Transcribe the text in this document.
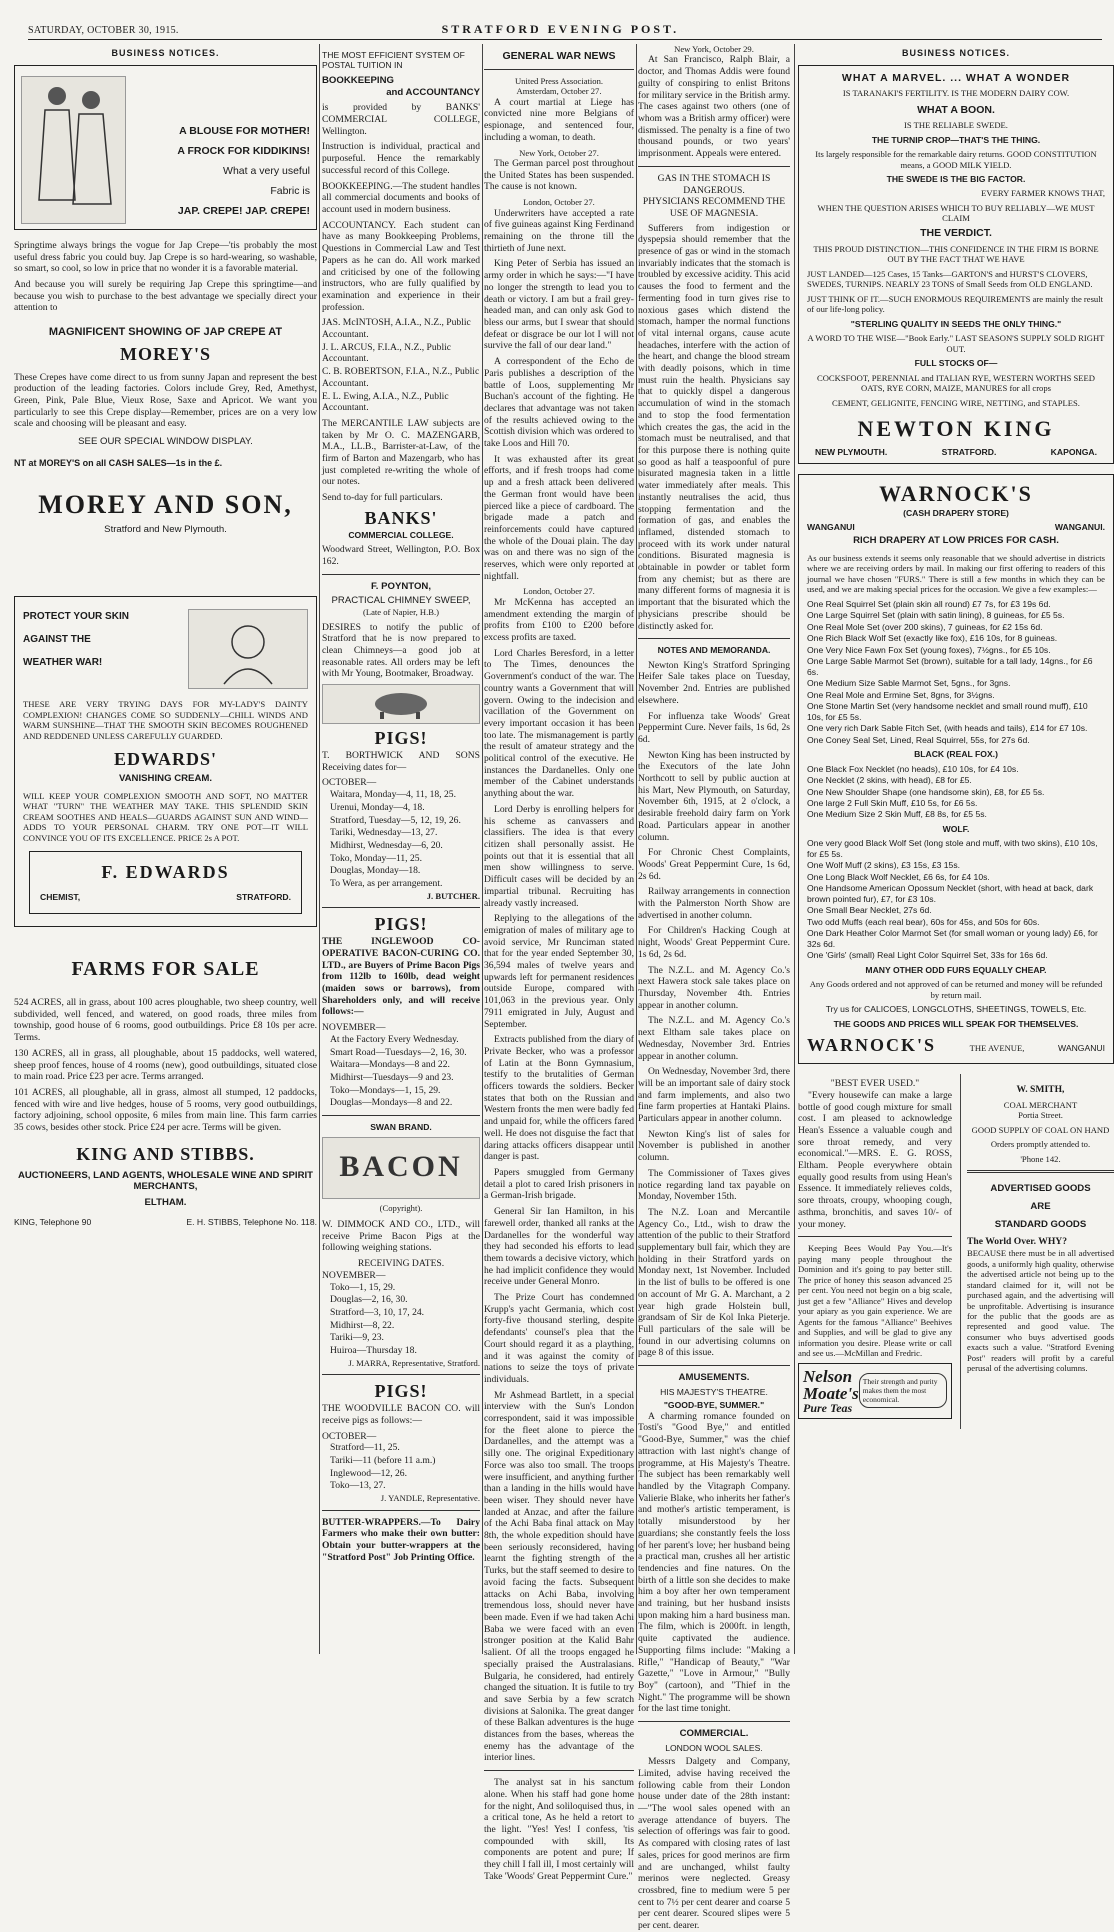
SATURDAY, OCTOBER 30, 1915.	STRATFORD EVENING POST.
BUSINESS NOTICES.
A BLOUSE FOR MOTHER!
A FROCK FOR KIDDIKINS!
What a very useful
Fabric is
JAP. CREPE! JAP. CREPE!

Springtime always brings the vogue for Jap Crepe—'tis probably the most useful dress fabric you could buy. Jap Crepe is so hard-wearing, so washable, so smart, so cool, so low in price that no wonder it is a favorable material.

And because you will surely be requiring Jap Crepe this springtime—and because you wish to purchase to the best advantage we specially direct your attention to

MAGNIFICENT SHOWING OF JAP CREPE AT
MOREY'S

These Crepes have come direct to us from sunny Japan and represent the best production of the leading factories. Colors include Grey, Red, Amethyst, Green, Pink, Pale Blue, Vieux Rose, Saxe and Apricot. We want you particularly to see this Crepe display—Remember, prices are on a very low scale and choosing will be pleasant and easy.

SEE OUR SPECIAL WINDOW DISPLAY.
NT at MOREY'S on all CASH SALES—1s in the £.
MOREY AND SON,
Stratford and New Plymouth.
PROTECT YOUR SKIN
AGAINST THE
WEATHER WAR!

THESE ARE VERY TRYING DAYS FOR MY-LADY'S DAINTY COMPLEXION! CHANGES COME SO SUDDENLY—CHILL WINDS AND WARM SUNSHINE—THAT THE SMOOTH SKIN BECOMES ROUGHENED AND REDDENED UNLESS CAREFULLY GUARDED.

EDWARDS'
VANISHING CREAM.

WILL KEEP YOUR COMPLEXION SMOOTH AND SOFT, NO MATTER WHAT "TURN" THE WEATHER MAY TAKE. THIS SPLENDID SKIN CREAM SOOTHES AND HEALS—GUARDS AGAINST SUN AND WIND—ADDS TO YOUR PERSONAL CHARM. TRY ONE POT—IT WILL CONVINCE YOU OF ITS EXCELLENCE. PRICE 2s A POT.

F. EDWARDS
CHEMIST,	STRATFORD.
FARMS FOR SALE

524 ACRES, all in grass, about 100 acres ploughable, two sheep country, well subdivided, well fenced, and watered, on good roads, three miles from township, good house of 6 rooms, good outbuildings. Price £8 10s per acre. Terms.

130 ACRES, all in grass, all ploughable, about 15 paddocks, well watered, sheep proof fences, house of 4 rooms (new), good outbuildings, situated close to main road. Price £23 per acre. Terms arranged.

101 ACRES, all ploughable, all in grass, almost all stumped, 12 paddocks, fenced with wire and live hedges, house of 5 rooms, very good outbuildings, factory adjoining, school opposite, 6 miles from main line. This farm carries 35 cows, besides other stock. Price £24 per acre. Terms will be given.

KING AND STIBBS.
AUCTIONEERS, LAND AGENTS, WHOLESALE WINE AND SPIRIT MERCHANTS,
ELTHAM.
KING, Telephone 90	E. H. STIBBS, Telephone No. 118.
THE MOST EFFICIENT SYSTEM OF POSTAL TUITION IN
BOOKKEEPING
and ACCOUNTANCY

is provided by BANKS' COMMERCIAL COLLEGE, Wellington.

Instruction is individual, practical and purposeful. Hence the remarkably successful record of this College.

BOOKKEEPING.—The student handles all commercial documents and books of account used in modern business.

ACCOUNTANCY. Each student can have as many Bookkeeping Problems, Questions in Commercial Law and Test Papers as he can do. All work marked and criticised by one of the following instructors, who are fully qualified by examination and experience in their profession.

JAS. McINTOSH, A.I.A., N.Z., Public Accountant.

J. L. ARCUS, F.I.A., N.Z., Public Accountant.

C. B. ROBERTSON, F.I.A., N.Z., Public Accountant.

E. L. Ewing, A.I.A., N.Z., Public Accountant.

The MERCANTILE LAW subjects are taken by Mr O. C. MAZENGARB, M.A., LL.B., Barrister-at-Law, of the firm of Barton and Mazengarb, who has just completed re-writing the whole of our notes.

Send to-day for full particulars.

BANKS'
COMMERCIAL COLLEGE.

Woodward Street, Wellington, P.O. Box 162.

F. POYNTON,
PRACTICAL CHIMNEY SWEEP,
(Late of Napier, H.B.)

DESIRES to notify the public of Stratford that he is now prepared to clean Chimneys—a good job at reasonable rates. All orders may be left with Mr Young, Bootmaker, Broadway.

PIGS!

T. BORTHWICK AND SONS Receiving dates for—

OCTOBER—

Waitara, Monday—4, 11, 18, 25.

Urenui, Monday—4, 18.

Stratford, Tuesday—5, 12, 19, 26.

Tariki, Wednesday—13, 27.

Midhirst, Wednesday—6, 20.

Toko, Monday—11, 25.

Douglas, Monday—18.

To Wera, as per arrangement.

J. BUTCHER.
PIGS!

THE INGLEWOOD CO-OPERATIVE BACON-CURING CO. LTD., are Buyers of Prime Bacon Pigs from 112lb to 160lb, dead weight (maiden sows or barrows), from Shareholders only, and will receive follows:—

NOVEMBER—

At the Factory Every Wednesday.

Smart Road—Tuesdays—2, 16, 30.

Waitara—Mondays—8 and 22.

Midhirst—Tuesdays—9 and 23.

Toko—Mondays—1, 15, 29.

Douglas—Mondays—8 and 22.

SWAN BRAND.
BACON
(Copyright).

W. DIMMOCK AND CO., LTD., will receive Prime Bacon Pigs at the following weighing stations.

RECEIVING DATES.
NOVEMBER—

Toko—1, 15, 29.

Douglas—2, 16, 30.

Stratford—3, 10, 17, 24.

Midhirst—8, 22.

Tariki—9, 23.

Huiroa—Thursday 18.

J. MARRA, Representative, Stratford.
PIGS!

THE WOODVILLE BACON CO. will receive pigs as follows:—

OCTOBER—

Stratford—11, 25.

Tariki—11 (before 11 a.m.)

Inglewood—12, 26.

Toko—13, 27.

J. YANDLE, Representative.

BUTTER-WRAPPERS.—To Dairy Farmers who make their own butter: Obtain your butter-wrappers at the "Stratford Post" Job Printing Office.

GENERAL WAR NEWS
United Press Association.
Amsterdam, October 27.

A court martial at Liege has convicted nine more Belgians of espionage, and sentenced four, including a woman, to death.

New York, October 27.

The German parcel post throughout the United States has been suspended. The cause is not known.

London, October 27.

Underwriters have accepted a rate of five guineas against King Ferdinand remaining on the throne till the thirtieth of June next.

King Peter of Serbia has issued an army order in which he says:—"I have no longer the strength to lead you to death or victory. I am but a frail grey-headed man, and can only ask God to bless our arms, but I swear that should defeat or disgrace be our lot I will not survive the fall of our dear land."

A correspondent of the Echo de Paris publishes a description of the battle of Loos, supplementing Mr Buchan's account of the fighting. He declares that advantage was not taken of the results achieved owing to the Scottish division which was ordered to take Loos and Hill 70.

It was exhausted after its great efforts, and if fresh troops had come up and a fresh attack been delivered the German front would have been pierced like a piece of cardboard. The brigade made a patch and reinforcements could have captured the whole of the Douai plain. The day was on and there was no sign of the reserves, which were only reported at nightfall.

London, October 27.

Mr McKenna has accepted an amendment extending the margin of profits from £100 to £200 before excess profits are taxed.

Lord Charles Beresford, in a letter to The Times, denounces the Government's conduct of the war. The country wants a Government that will govern. Owing to the indecision and vacillation of the Government on every important occasion it has been too late. The mismanagement is partly the result of amateur strategy and the political control of the executive. He instances the Dardanelles. Only one member of the Cabinet understands anything about the war.

Lord Derby is enrolling helpers for his scheme as canvassers and classifiers. The idea is that every citizen shall personally assist. He points out that it is essential that all men show willingness to serve. Difficult cases will be decided by an impartial tribunal. Recruiting has already vastly increased.

Replying to the allegations of the emigration of males of military age to avoid service, Mr Runciman stated that for the year ended September 30, 36,594 males of twelve years and upwards left for permanent residences outside Europe, compared with 101,063 in the previous year. Only 7911 emigrated in July, August and September.

Extracts published from the diary of Private Becker, who was a professor of Latin at the Bonn Gymnasium, testify to the brutalities of German officers towards the soldiers. Becker states that both on the Russian and Western fronts the men were badly fed and unpaid for, while the officers fared well. He does not disguise the fact that daring attacks officers disappear until danger is past.

Papers smuggled from Germany detail a plot to cared Irish prisoners in a German-Irish brigade.

General Sir Ian Hamilton, in his farewell order, thanked all ranks at the Dardanelles for the wonderful way they had seconded his efforts to lead them towards a decisive victory, which he had implicit confidence they would receive under General Monro.

The Prize Court has condemned Krupp's yacht Germania, which cost forty-five thousand sterling, despite defendants' counsel's plea that the Court should regard it as a plaything, and it was against the comity of nations to seize the toys of private individuals.

Mr Ashmead Bartlett, in a special interview with the Sun's London correspondent, said it was impossible for the fleet alone to pierce the Dardanelles, and the attempt was a silly one. The original Expeditionary Force was also too small. The troops were insufficient, and anything further than a landing in the hills would have been wiser. They should never have landed at Anzac, and after the failure of the Achi Baba final attack on May 8th, the whole expedition should have been seriously reconsidered, having learnt the fighting strength of the Turks, but the staff seemed to desire to avoid facing the facts. Subsequent attacks on Achi Baba, involving tremendous loss, should never have been made. Even if we had taken Achi Baba we were faced with an even stronger position at the Kalid Bahr salient. Of all the troops engaged he specially praised the Australasians. Bulgaria, he considered, had entirely changed the situation. It is futile to try and save Serbia by a few scratch divisions at Salonika. The great danger of these Balkan adventures is the huge distances from the bases, whereas the enemy has the advantage of the interior lines.

The analyst sat in his sanctum alone. When his staff had gone home for the night, And soliloquised thus, in a critical tone, As he held a retort to the light. "Yes! Yes! I confess, 'tis compounded with skill, Its components are potent and pure; If they chill I fall ill, I most certainly will Take 'Woods' Great Peppermint Cure."

New York, October 29.

At San Francisco, Ralph Blair, a doctor, and Thomas Addis were found guilty of conspiring to enlist Britons for military service in the British army. The cases against two others (one of whom was a British army officer) were dismissed. The penalty is a fine of two thousand pounds, or two years' imprisonment. Appeals were entered.

GAS IN THE STOMACH IS DANGEROUS.
PHYSICIANS RECOMMEND THE USE OF MAGNESIA.

Sufferers from indigestion or dyspepsia should remember that the presence of gas or wind in the stomach invariably indicates that the stomach is troubled by excessive acidity. This acid causes the food to ferment and the fermenting food in turn gives rise to noxious gases which distend the stomach, hamper the normal functions of vital internal organs, cause acute headaches, interfere with the action of the heart, and change the blood stream with deadly poisons, which in time must ruin the health. Physicians say that to quickly dispel a dangerous accumulation of wind in the stomach and to stop the food fermentation which creates the gas, the acid in the stomach must be neutralised, and that for this purpose there is nothing quite so good as half a teaspoonful of pure bisurated magnesia taken in a little water immediately after meals. This instantly neutralises the acid, thus stopping fermentation and the formation of gas, and enables the inflamed, distended stomach to proceed with its work under natural conditions. Bisurated magnesia is obtainable in powder or tablet form from any chemist; but as there are many different forms of magnesia it is important that the bisurated which the physicians prescribe should be distinctly asked for.

NOTES AND MEMORANDA.

Newton King's Stratford Springing Heifer Sale takes place on Tuesday, November 2nd. Entries are published elsewhere.

For influenza take Woods' Great Peppermint Cure. Never fails, 1s 6d, 2s 6d.

Newton King has been instructed by the Executors of the late John Northcott to sell by public auction at his Mart, New Plymouth, on Saturday, November 6th, 1915, at 2 o'clock, a desirable freehold dairy farm on York Road. Particulars appear in another column.

For Chronic Chest Complaints, Woods' Great Peppermint Cure, 1s 6d, 2s 6d.

Railway arrangements in connection with the Palmerston North Show are advertised in another column.

For Children's Hacking Cough at night, Woods' Great Peppermint Cure. 1s 6d, 2s 6d.

The N.Z.L. and M. Agency Co.'s next Hawera stock sale takes place on Thursday, November 4th. Entries appear in another column.

The N.Z.L. and M. Agency Co.'s next Eltham sale takes place on Wednesday, November 3rd. Entries appear in another column.

On Wednesday, November 3rd, there will be an important sale of dairy stock and farm implements, and also two fine farm properties at Hantaki Plains. Particulars appear in another column.

Newton King's list of sales for November is published in another column.

The Commissioner of Taxes gives notice regarding land tax payable on Monday, November 15th.

The N.Z. Loan and Mercantile Agency Co., Ltd., wish to draw the attention of the public to their Stratford supplementary bull fair, which they are holding in their Stratford yards on Monday next, 1st November. Included in the list of bulls to be offered is one on account of Mr G. A. Marchant, a 2 year high grade Holstein bull, grandsam of Sir de Kol Inka Pieterje. Full particulars of the sale will be found in our advertising columns on page 8 of this issue.

AMUSEMENTS.
HIS MAJESTY'S THEATRE.
"GOOD-BYE, SUMMER."

A charming romance founded on Tosti's "Good Bye," and entitled "Good-Bye, Summer," was the chief attraction with last night's change of programme, at His Majesty's Theatre. The subject has been remarkably well handled by the Vitagraph Company. Valierie Blake, who inherits her father's and mother's artistic temperament, is totally misunderstood by her guardians; she constantly feels the loss of her parent's love; her husband being a practical man, crushes all her artistic tendencies and fine natures. On the birth of a little son she decides to make him a boy after her own temperament and training, but her husband insists upon making him a hard business man. The film, which is 2000ft. in length, quite captivated the audience. Supporting films include: "Making a Rifle," "Handicap of Beauty," "War Gazette," "Love in Armour," "Bully Boy" (cartoon), and "Thief in the Night." The programme will be shown for the last time tonight.

COMMERCIAL.
LONDON WOOL SALES.

Messrs Dalgety and Company, Limited, advise having received the following cable from their London house under date of the 28th instant:—"The wool sales opened with an average attendance of buyers. The selection of offerings was fair to good. As compared with closing rates of last sales, prices for good merinos are firm and are unchanged, whilst faulty merinos were neglected. Greasy crossbred, fine to medium were 5 per cent to 7½ per cent dearer and coarse 5 per cent dearer. Scoured slipes were 5 per cent. dearer.

BUSINESS NOTICES.
WHAT A MARVEL. ... WHAT A WONDER
IS TARANAKI'S FERTILITY. IS THE MODERN DAIRY COW.
WHAT A BOON.
IS THE RELIABLE SWEDE.
THE TURNIP CROP—THAT'S THE THING.
Its largely responsible for the remarkable dairy returns. GOOD CONSTITUTION means, a GOOD MILK YIELD.
THE SWEDE IS THE BIG FACTOR.
EVERY FARMER KNOWS THAT,
WHEN THE QUESTION ARISES WHICH TO BUY RELIABLY—WE MUST CLAIM
THE VERDICT.
THIS PROUD DISTINCTION—THIS CONFIDENCE IN THE FIRM IS BORNE OUT BY THE FACT THAT WE HAVE
JUST LANDED—125 Cases, 15 Tanks—GARTON'S and HURST'S CLOVERS, SWEDES, TURNIPS. NEARLY 23 TONS of Small Seeds from OLD ENGLAND.
JUST THINK OF IT.—SUCH ENORMOUS REQUIREMENTS are mainly the result of our life-long policy.
"STERLING QUALITY IN SEEDS THE ONLY THING."
A WORD TO THE WISE—"Book Early." LAST SEASON'S SUPPLY SOLD RIGHT OUT.
FULL STOCKS OF—
COCKSFOOT, PERENNIAL and ITALIAN RYE, WESTERN WORTHS SEED OATS, RYE CORN, MAIZE, MANURES for all crops
CEMENT, GELIGNITE, FENCING WIRE, NETTING, and STAPLES.
NEWTON KING
NEW PLYMOUTH.	STRATFORD.	KAPONGA.
WARNOCK'S
(CASH DRAPERY STORE)
WANGANUI	WANGANUI.
RICH DRAPERY AT LOW PRICES FOR CASH.

As our business extends it seems only reasonable that we should advertise in districts where we are receiving orders by mail. In making our first offering to readers of this journal we have chosen "FURS." There is still a few months in which they can be used, and we are making special prices for the occasion. We give a few examples:—

One Real Squirrel Set (plain skin all round) £7 7s, for £3 19s 6d.

One Large Squirrel Set (plain with satin lining), 8 guineas, for £5 5s.

One Real Mole Set (over 200 skins), 7 guineas, for £2 15s 6d.

One Rich Black Wolf Set (exactly like fox), £16 10s, for 8 guineas.

One Very Nice Fawn Fox Set (young foxes), 7½gns., for £5 10s.

One Large Sable Marmot Set (brown), suitable for a tall lady, 14gns., for £6 6s.

One Medium Size Sable Marmot Set, 5gns., for 3gns.

One Real Mole and Ermine Set, 8gns, for 3½gns.

One Stone Martin Set (very handsome necklet and small round muff), £10 10s, for £5 5s.

One very rich Dark Sable Fitch Set, (with heads and tails), £14 for £7 10s.

One Coney Seal Set, Lined, Real Squirrel, 55s, for 27s 6d.

BLACK (REAL FOX.)

One Black Fox Necklet (no heads), £10 10s, for £4 10s.

One Necklet (2 skins, with head), £8 for £5.

One New Shoulder Shape (one handsome skin), £8, for £5 5s.

One large 2 Full Skin Muff, £10 5s, for £6 5s.

One Medium Size 2 Skin Muff, £8 8s, for £5 5s.

WOLF.

One very good Black Wolf Set (long stole and muff, with two skins), £10 10s, for £5 5s.

One Wolf Muff (2 skins), £3 15s, £3 15s.

One Long Black Wolf Necklet, £6 6s, for £4 10s.

One Handsome American Opossum Necklet (short, with head at back, dark brown pointed fur), £7, for £3 10s.

One Small Bear Necklet, 27s 6d.

Two odd Muffs (each real bear), 60s for 45s, and 50s for 60s.

One Dark Heather Color Marmot Set (for small woman or young lady) £6, for 32s 6d.

One 'Girls' (small) Real Light Color Squirrel Set, 33s for 16s 6d.

MANY OTHER ODD FURS EQUALLY CHEAP.
Any Goods ordered and not approved of can be returned and money will be refunded by return mail.
Try us for CALICOES, LONGCLOTHS, SHEETINGS, TOWELS, Etc.
THE GOODS AND PRICES WILL SPEAK FOR THEMSELVES.
WARNOCK'S	THE AVENUE,	WANGANUI
"BEST EVER USED."

"Every housewife can make a large bottle of good cough mixture for small cost. I am pleased to acknowledge Hean's Essence a valuable cough and sore throat remedy, and very economical."—MRS. E. G. ROSS, Eltham. People everywhere obtain equally good results from using Hean's Essence. It immediately relieves colds, sore throats, croupy, whooping cough, asthma, bronchitis, and saves 10/- of your money.

Keeping Bees Would Pay You.—It's paying many people throughout the Dominion and it's going to pay better still. The price of honey this season advanced 25 per cent. You need not begin on a big scale, just get a few "Alliance" Hives and develop your apiary as you gain experience. We are Agents for the famous "Alliance" Beehives and Supplies, and will be glad to give any information you desire. Please write or call and see us.—McMillan and Fredric.

Nelson
Moate's
Pure Teas
Their strength and purity makes them the most economical.
W. SMITH,
COAL MERCHANT
Portia Street.
GOOD SUPPLY OF COAL ON HAND
Orders promptly attended to.
'Phone 142.
ADVERTISED GOODS
ARE
STANDARD GOODS
The World Over. WHY?

BECAUSE there must be in all advertised goods, a uniformly high quality, otherwise the advertised article not being up to the standard claimed for it, will not be purchased again, and the advertising will be unprofitable. Advertising is insurance for the public that the goods are as represented and good value. The consumer who buys advertised goods exacts such a value. "Stratford Evening Post" readers will profit by a careful perusal of the advertising columns.
